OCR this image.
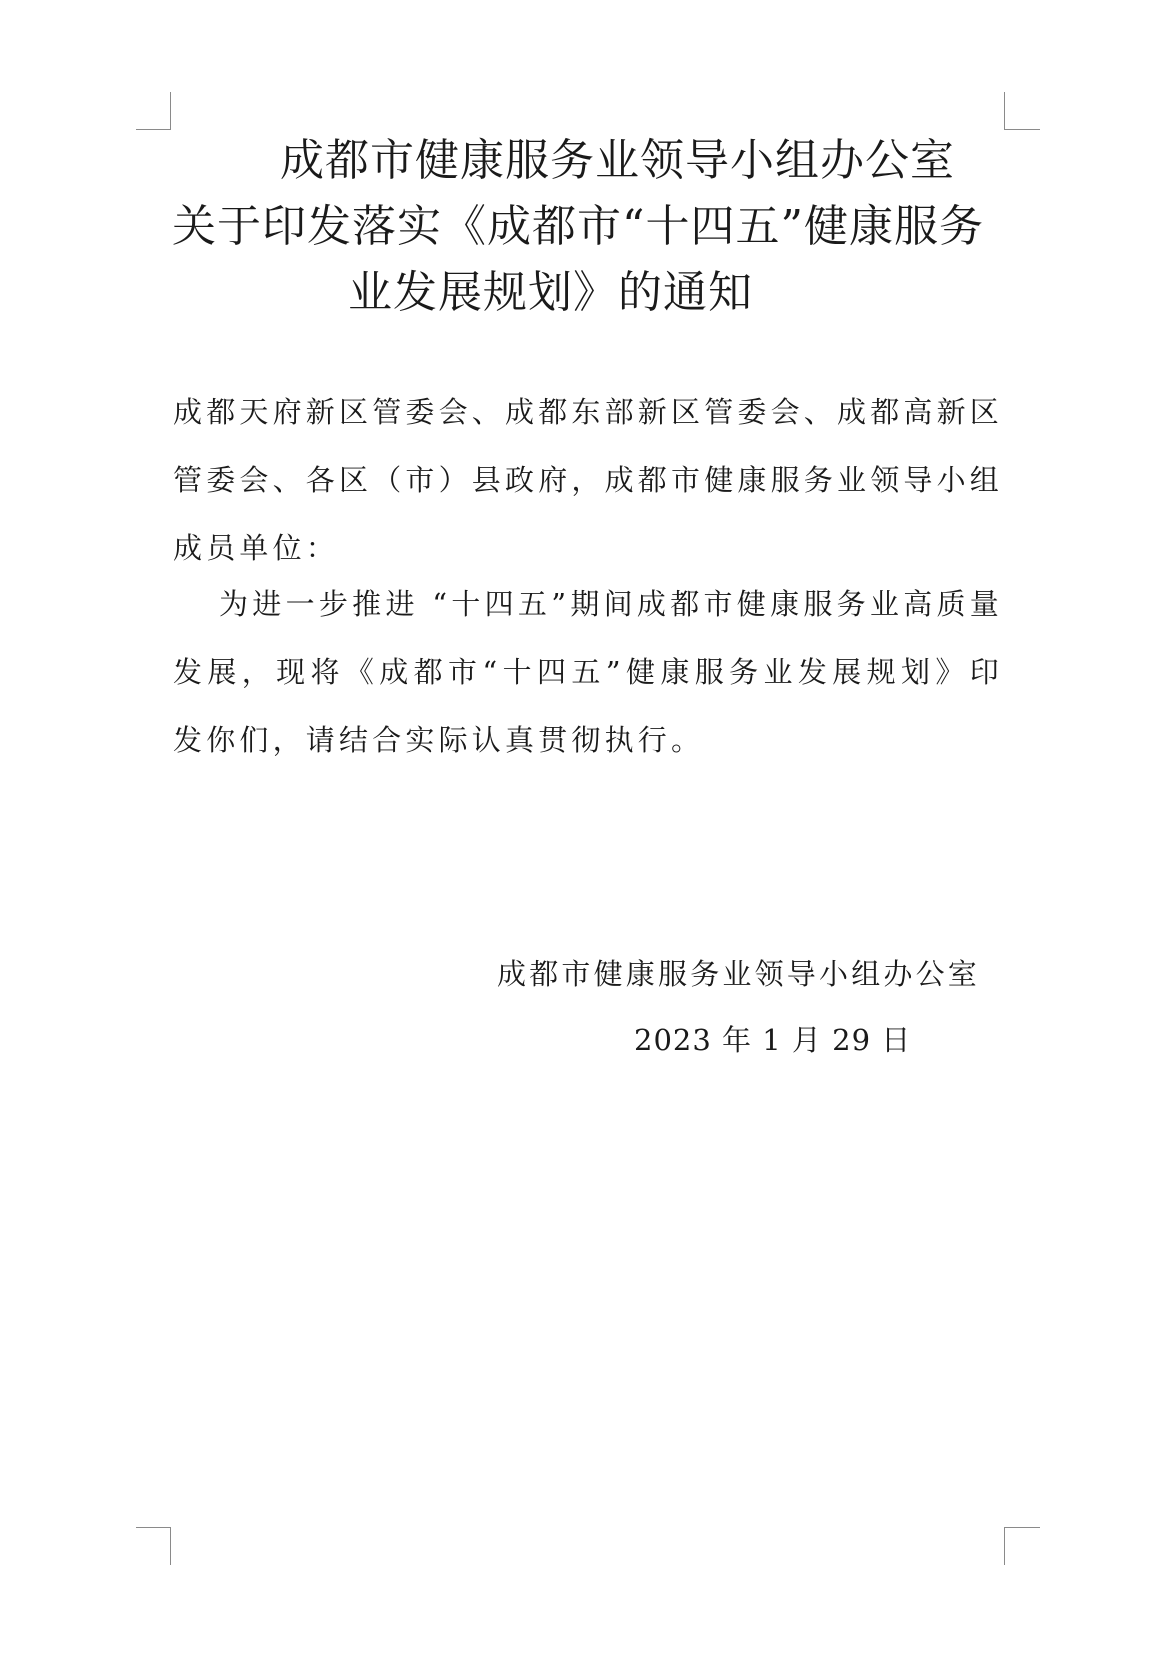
成都市健康服务业领导小组办公室
关于印发落实《成都市“十四五”健康服务
业发展规划》的通知

成都天府新区管委会、成都东部新区管委会、成都高新区管委会、各区（市）县政府，成都市健康服务业领导小组成员单位：

为进一步推进 “十四五”期间成都市健康服务业高质量发展，现将《成都市“十四五”健康服务业发展规划》印发你们，请结合实际认真贯彻执行。

成都市健康服务业领导小组办公室
2023 年 1 月 29 日
